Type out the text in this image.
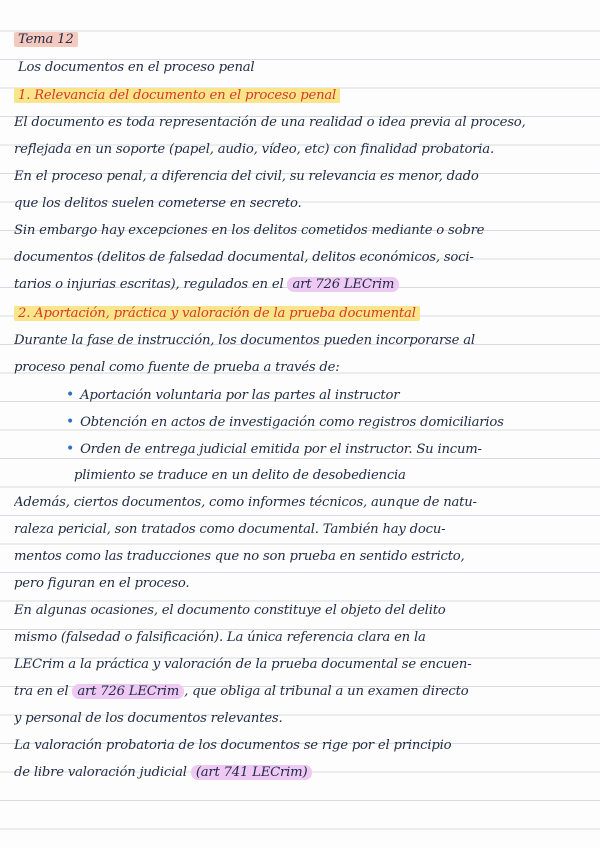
Tema 12
Los documentos en el proceso penal
1. Relevancia del documento en el proceso penal
El documento es toda representación de una realidad o idea previa al proceso,
reflejada en un soporte (papel, audio, vídeo, etc) con finalidad probatoria.
En el proceso penal, a diferencia del civil, su relevancia es menor, dado
que los delitos suelen cometerse en secreto.
Sin embargo hay excepciones en los delitos cometidos mediante o sobre
documentos (delitos de falsedad documental, delitos económicos, soci-
tarios o injurias escritas), regulados en el art 726 LECrim
2. Aportación, práctica y valoración de la prueba documental
Durante la fase de instrucción, los documentos pueden incorporarse al
proceso penal como fuente de prueba a través de:
• Aportación voluntaria por las partes al instructor
• Obtención en actos de investigación como registros domiciliarios
• Orden de entrega judicial emitida por el instructor. Su incum-
plimiento se traduce en un delito de desobediencia
Además, ciertos documentos, como informes técnicos, aunque de natu-
raleza pericial, son tratados como documental. También hay docu-
mentos como las traducciones que no son prueba en sentido estricto,
pero figuran en el proceso.
En algunas ocasiones, el documento constituye el objeto del delito
mismo (falsedad o falsificación). La única referencia clara en la
LECrim a la práctica y valoración de la prueba documental se encuen-
tra en el art 726 LECrim , que obliga al tribunal a un examen directo
y personal de los documentos relevantes.
La valoración probatoria de los documentos se rige por el principio
de libre valoración judicial (art 741 LECrim)
